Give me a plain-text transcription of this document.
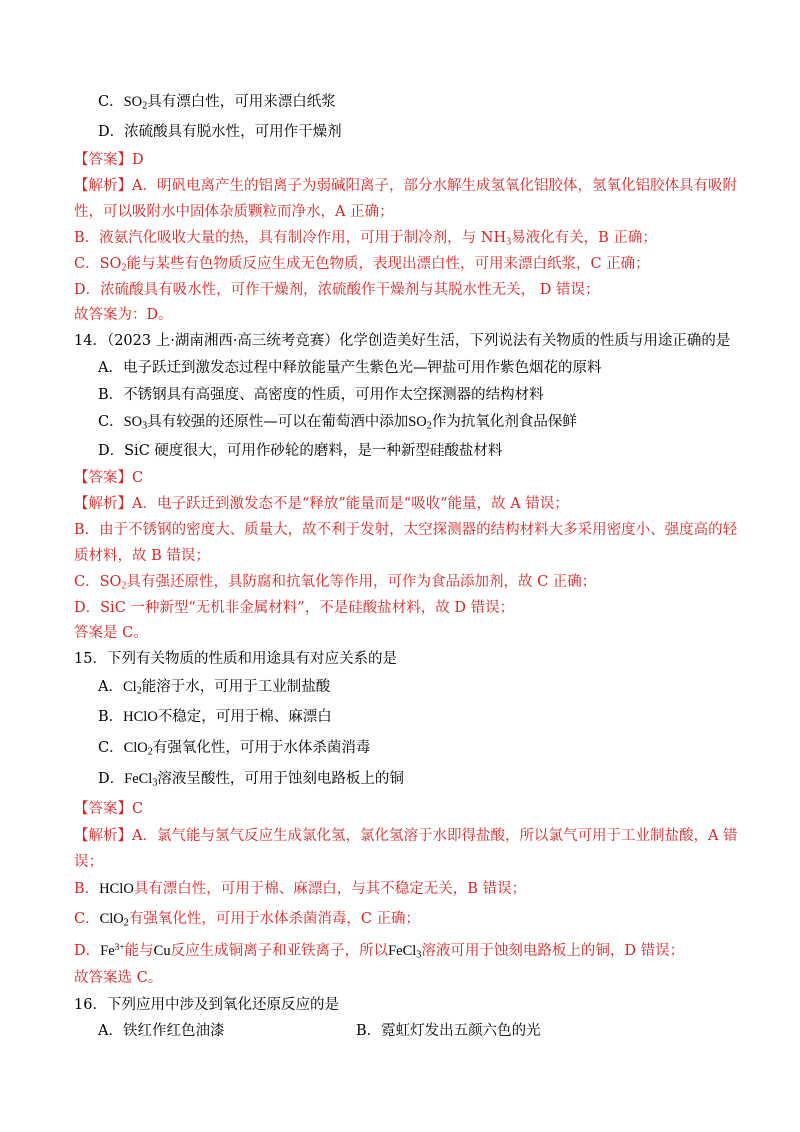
C．$SO_2$具有漂白性，可用来漂白纸浆
D．浓硫酸具有脱水性，可用作干燥剂
【答案】D
【解析】A．明矾电离产生的铝离子为弱碱阳离子，部分水解生成氢氧化铝胶体，氢氧化铝胶体具有吸附
性，可以吸附水中固体杂质颗粒而净水，A 正确；
B．液氨汽化吸收大量的热，具有制冷作用，可用于制冷剂，与 $NH_3$易液化有关，B 正确；
C．$SO_2$能与某些有色物质反应生成无色物质，表现出漂白性，可用来漂白纸浆，C 正确；
D．浓硫酸具有吸水性，可作干燥剂，浓硫酸作干燥剂与其脱水性无关， D 错误；
故答案为：D。
14．（2023 上·湖南湘西·高三统考竞赛）化学创造美好生活，下列说法有关物质的性质与用途正确的是
A．电子跃迁到激发态过程中释放能量产生紫色光—钾盐可用作紫色烟花的原料
B．不锈钢具有高强度、高密度的性质，可用作太空探测器的结构材料
C．$SO_3$具有较强的还原性—可以在葡萄酒中添加$SO_2$作为抗氧化剂食品保鲜
D．SiC 硬度很大，可用作砂轮的磨料，是一种新型硅酸盐材料
【答案】C
【解析】A．电子跃迁到激发态不是“释放”能量而是“吸收”能量，故 A 错误；
B．由于不锈钢的密度大、质量大，故不利于发射，太空探测器的结构材料大多采用密度小、强度高的轻
质材料，故 B 错误；
C．$SO_2$具有强还原性，具防腐和抗氧化等作用，可作为食品添加剂，故 C 正确；
D．SiC 一种新型“无机非金属材料”，不是硅酸盐材料，故 D 错误；
答案是 C。
15．下列有关物质的性质和用途具有对应关系的是
A．$Cl_2$能溶于水，可用于工业制盐酸
B．HClO不稳定，可用于棉、麻漂白
C．ClO$_2$有强氧化性，可用于水体杀菌消毒
D．FeCl$_3$溶液呈酸性，可用于蚀刻电路板上的铜
【答案】C
【解析】A．氯气能与氢气反应生成氯化氢，氯化氢溶于水即得盐酸，所以氯气可用于工业制盐酸，A 错
误；
B．HClO具有漂白性，可用于棉、麻漂白，与其不稳定无关，B 错误；
C．ClO$_2$有强氧化性，可用于水体杀菌消毒，C 正确；
D．$Fe^{3+}$能与Cu反应生成铜离子和亚铁离子，所以FeCl$_3$溶液可用于蚀刻电路板上的铜，D 错误；
故答案选 C。
16．下列应用中涉及到氧化还原反应的是
A．铁红作红色油漆	B．霓虹灯发出五颜六色的光
